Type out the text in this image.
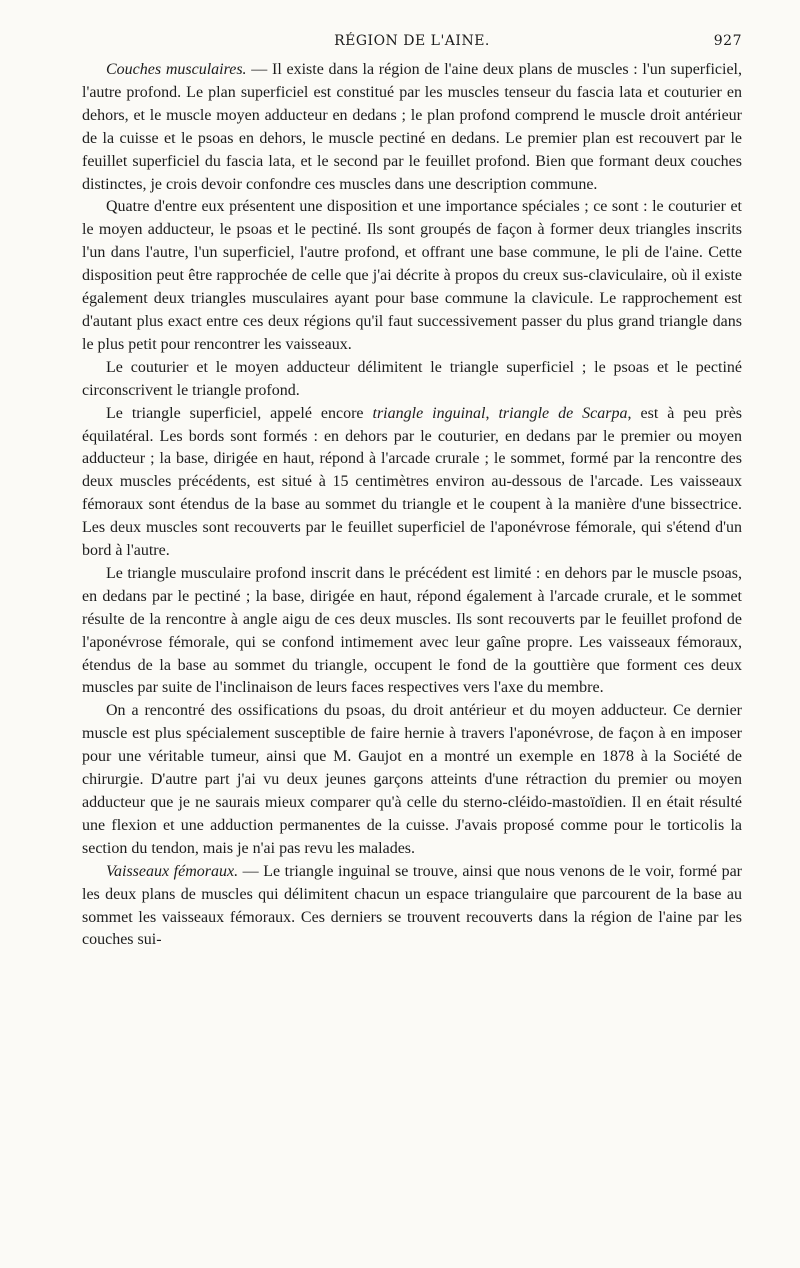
RÉGION DE L'AINE.	927

Couches musculaires. — Il existe dans la région de l'aine deux plans de muscles : l'un superficiel, l'autre profond. Le plan superficiel est constitué par les muscles tenseur du fascia lata et couturier en dehors, et le muscle moyen adducteur en dedans ; le plan profond comprend le muscle droit antérieur de la cuisse et le psoas en dehors, le muscle pectiné en dedans. Le premier plan est recouvert par le feuillet superficiel du fascia lata, et le second par le feuillet profond. Bien que formant deux couches distinctes, je crois devoir confondre ces muscles dans une description commune.

Quatre d'entre eux présentent une disposition et une importance spéciales ; ce sont : le couturier et le moyen adducteur, le psoas et le pectiné. Ils sont groupés de façon à former deux triangles inscrits l'un dans l'autre, l'un superficiel, l'autre profond, et offrant une base commune, le pli de l'aine. Cette disposition peut être rapprochée de celle que j'ai décrite à propos du creux sus-claviculaire, où il existe également deux triangles musculaires ayant pour base commune la clavicule. Le rapprochement est d'autant plus exact entre ces deux régions qu'il faut successivement passer du plus grand triangle dans le plus petit pour rencontrer les vaisseaux.

Le couturier et le moyen adducteur délimitent le triangle superficiel ; le psoas et le pectiné circonscrivent le triangle profond.

Le triangle superficiel, appelé encore triangle inguinal, triangle de Scarpa, est à peu près équilatéral. Les bords sont formés : en dehors par le couturier, en dedans par le premier ou moyen adducteur ; la base, dirigée en haut, répond à l'arcade crurale ; le sommet, formé par la rencontre des deux muscles précédents, est situé à 15 centimètres environ au-dessous de l'arcade. Les vaisseaux fémoraux sont étendus de la base au sommet du triangle et le coupent à la manière d'une bissectrice. Les deux muscles sont recouverts par le feuillet superficiel de l'aponévrose fémorale, qui s'étend d'un bord à l'autre.

Le triangle musculaire profond inscrit dans le précédent est limité : en dehors par le muscle psoas, en dedans par le pectiné ; la base, dirigée en haut, répond également à l'arcade crurale, et le sommet résulte de la rencontre à angle aigu de ces deux muscles. Ils sont recouverts par le feuillet profond de l'aponévrose fémorale, qui se confond intimement avec leur gaîne propre. Les vaisseaux fémoraux, étendus de la base au sommet du triangle, occupent le fond de la gouttière que forment ces deux muscles par suite de l'inclinaison de leurs faces respectives vers l'axe du membre.

On a rencontré des ossifications du psoas, du droit antérieur et du moyen adducteur. Ce dernier muscle est plus spécialement susceptible de faire hernie à travers l'aponévrose, de façon à en imposer pour une véritable tumeur, ainsi que M. Gaujot en a montré un exemple en 1878 à la Société de chirurgie. D'autre part j'ai vu deux jeunes garçons atteints d'une rétraction du premier ou moyen adducteur que je ne saurais mieux comparer qu'à celle du sterno-cléido-mastoïdien. Il en était résulté une flexion et une adduction permanentes de la cuisse. J'avais proposé comme pour le torticolis la section du tendon, mais je n'ai pas revu les malades.

Vaisseaux fémoraux. — Le triangle inguinal se trouve, ainsi que nous venons de le voir, formé par les deux plans de muscles qui délimitent chacun un espace triangulaire que parcourent de la base au sommet les vaisseaux fémoraux. Ces derniers se trouvent recouverts dans la région de l'aine par les couches sui-
